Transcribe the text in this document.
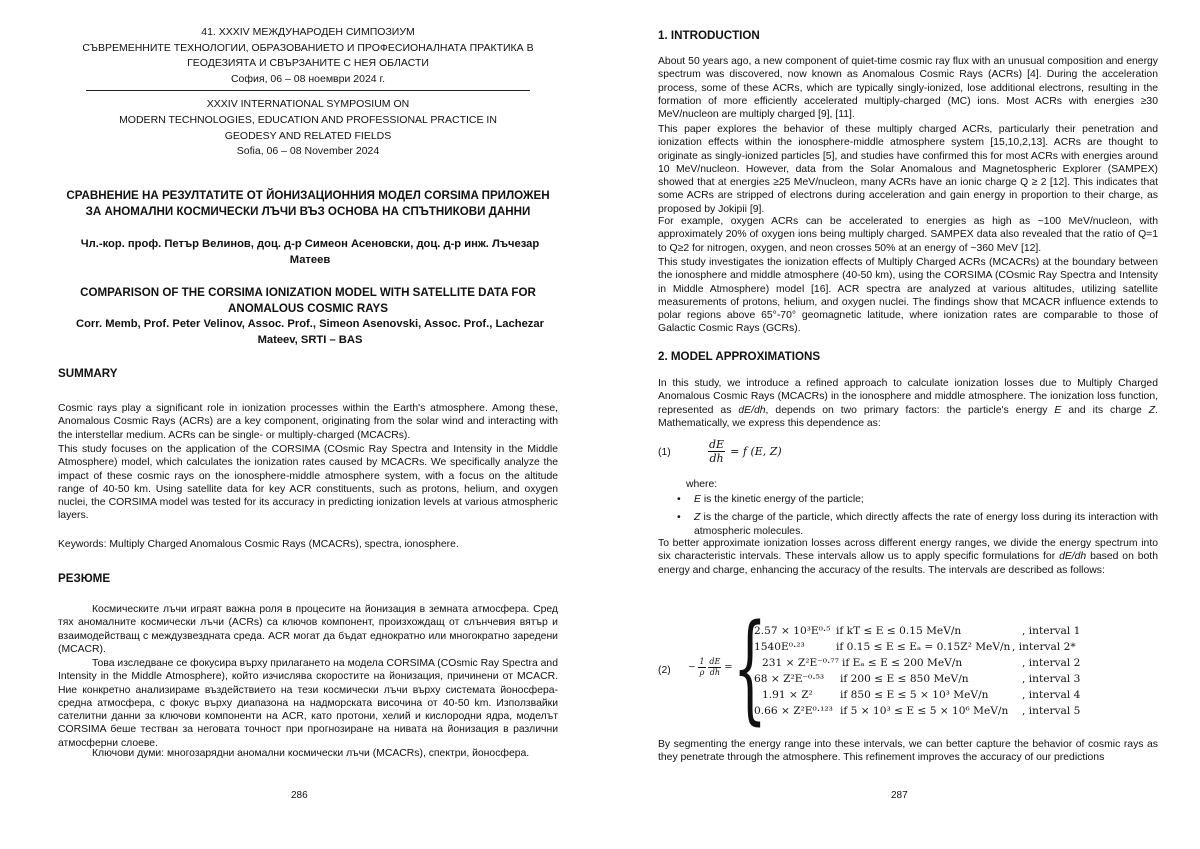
41. XXXIV МЕЖДУНАРОДЕН СИМПОЗИУМ
СЪВРЕМЕННИТЕ ТЕХНОЛОГИИ, ОБРАЗОВАНИЕТО И ПРОФЕСИОНАЛНАТА ПРАКТИКА В
ГЕОДЕЗИЯТА И СВЪРЗАНИТЕ С НЕЯ ОБЛАСТИ
София, 06 – 08 ноември 2024 г.
XXXIV INTERNATIONAL SYMPOSIUM ON
MODERN TECHNOLOGIES, EDUCATION AND PROFESSIONAL PRACTICE IN
GEODESY AND RELATED FIELDS
Sofia, 06 – 08 November 2024
СРАВНЕНИЕ НА РЕЗУЛТАТИТЕ ОТ ЙОНИЗАЦИОННИЯ МОДЕЛ CORSIMA ПРИЛОЖЕН ЗА АНОМАЛНИ КОСМИЧЕСКИ ЛЪЧИ ВЪЗ ОСНОВА НА СПЪТНИКОВИ ДАННИ
Чл.-кор. проф. Петър Велинов, доц. д-р Симеон Асеновски, доц. д-р инж. Лъчезар Матеев
COMPARISON OF THE CORSIMA IONIZATION MODEL WITH SATELLITE DATA FOR ANOMALOUS COSMIC RAYS
Corr. Memb, Prof. Peter Velinov, Assoc. Prof., Simeon Asenovski, Assoc. Prof., Lachezar Mateev, SRTI – BAS
SUMMARY
Cosmic rays play a significant role in ionization processes within the Earth's atmosphere. Among these, Anomalous Cosmic Rays (ACRs) are a key component, originating from the solar wind and interacting with the interstellar medium. ACRs can be single- or multiply-charged (MCACRs).
This study focuses on the application of the CORSIMA (COsmic Ray Spectra and Intensity in the Middle Atmosphere) model, which calculates the ionization rates caused by MCACRs. We specifically analyze the impact of these cosmic rays on the ionosphere-middle atmosphere system, with a focus on the altitude range of 40-50 km. Using satellite data for key ACR constituents, such as protons, helium, and oxygen nuclei, the CORSIMA model was tested for its accuracy in predicting ionization levels at various atmospheric layers.
Keywords: Multiply Charged Anomalous Cosmic Rays (MCACRs), spectra, ionosphere.
РЕЗЮМЕ
Космическите лъчи играят важна роля в процесите на йонизация в земната атмосфера. Сред тях аномалните космически лъчи (ACRs) са ключов компонент, произхождащ от слънчевия вятър и взаимодействащ с междузвездната среда. ACR могат да бъдат еднократно или многократно заредени (MCACR).
Това изследване се фокусира върху прилагането на модела CORSIMA (COsmic Ray Spectra and Intensity in the Middle Atmosphere), който изчислява скоростите на йонизация, причинени от MCACR. Ние конкретно анализираме въздействието на тези космически лъчи върху системата йоносфера-средна атмосфера, с фокус върху диапазона на надморската височина от 40-50 km. Използвайки сателитни данни за ключови компоненти на ACR, като протони, хелий и кислородни ядра, моделът CORSIMA беше тестван за неговата точност при прогнозиране на нивата на йонизация в различни атмосферни слоеве.
Ключови думи: многозарядни аномални космически лъчи (MCACRs), спектри, йоносфера.
286
1. INTRODUCTION
About 50 years ago, a new component of quiet-time cosmic ray flux with an unusual composition and energy spectrum was discovered, now known as Anomalous Cosmic Rays (ACRs) [4]. During the acceleration process, some of these ACRs, which are typically singly-ionized, lose additional electrons, resulting in the formation of more efficiently accelerated multiply-charged (MC) ions. Most ACRs with energies ≥30 MeV/nucleon are multiply charged [9], [11].
This paper explores the behavior of these multiply charged ACRs, particularly their penetration and ionization effects within the ionosphere-middle atmosphere system [15,10,2,13]. ACRs are thought to originate as singly-ionized particles [5], and studies have confirmed this for most ACRs with energies around 10 MeV/nucleon. However, data from the Solar Anomalous and Magnetospheric Explorer (SAMPEX) showed that at energies ≥25 MeV/nucleon, many ACRs have an ionic charge Q ≥ 2 [12]. This indicates that some ACRs are stripped of electrons during acceleration and gain energy in proportion to their charge, as proposed by Jokipii [9].
For example, oxygen ACRs can be accelerated to energies as high as ~100 MeV/nucleon, with approximately 20% of oxygen ions being multiply charged. SAMPEX data also revealed that the ratio of Q=1 to Q≥2 for nitrogen, oxygen, and neon crosses 50% at an energy of ~360 MeV [12].
This study investigates the ionization effects of Multiply Charged ACRs (MCACRs) at the boundary between the ionosphere and middle atmosphere (40-50 km), using the CORSIMA (COsmic Ray Spectra and Intensity in Middle Atmosphere) model [16]. ACR spectra are analyzed at various altitudes, utilizing satellite measurements of protons, helium, and oxygen nuclei. The findings show that MCACR influence extends to polar regions above 65°-70° geomagnetic latitude, where ionization rates are comparable to those of Galactic Cosmic Rays (GCRs).
2. MODEL APPROXIMATIONS
In this study, we introduce a refined approach to calculate ionization losses due to Multiply Charged Anomalous Cosmic Rays (MCACRs) in the ionosphere and middle atmosphere. The ionization loss function, represented as dE/dh, depends on two primary factors: the particle's energy E and its charge Z. Mathematically, we express this dependence as:
(1)	$\frac{dE}{dh} = f$ (E, Z)
where:
• E is the kinetic energy of the particle;
• Z is the charge of the particle, which directly affects the rate of energy loss during its interaction with atmospheric molecules.
To better approximate ionization losses across different energy ranges, we divide the energy spectrum into six characteristic intervals. These intervals allow us to apply specific formulations for dE/dh based on both energy and charge, enhancing the accuracy of the results. The intervals are described as follows:
$(2) - \frac{1}{\rho}$
$\frac{dE}{dh}$ = {
2.57 × 10³E⁰·⁵ if kT ≤ E ≤ 0.15 MeV/n	, interval 1
1540E⁰·²³	if 0.15 ≤ E ≤ Eₐ = 0.15Z² MeV/n , interval 2*
231 × Z²E⁻⁰·⁷⁷ if Eₐ ≤ E ≤ 200 MeV/n	, interval 2
68 × Z²E⁻⁰·⁵³ if 200 ≤ E ≤ 850 MeV/n	, interval 3
1.91 × Z²	if 850 ≤ E ≤ 5 × 10³ MeV/n	, interval 4
0.66 × Z²E⁰·¹²³ if 5 × 10³ ≤ E ≤ 5 × 10⁶ MeV/n , interval 5
By segmenting the energy range into these intervals, we can better capture the behavior of cosmic rays as they penetrate through the atmosphere. This refinement improves the accuracy of our predictions
287
